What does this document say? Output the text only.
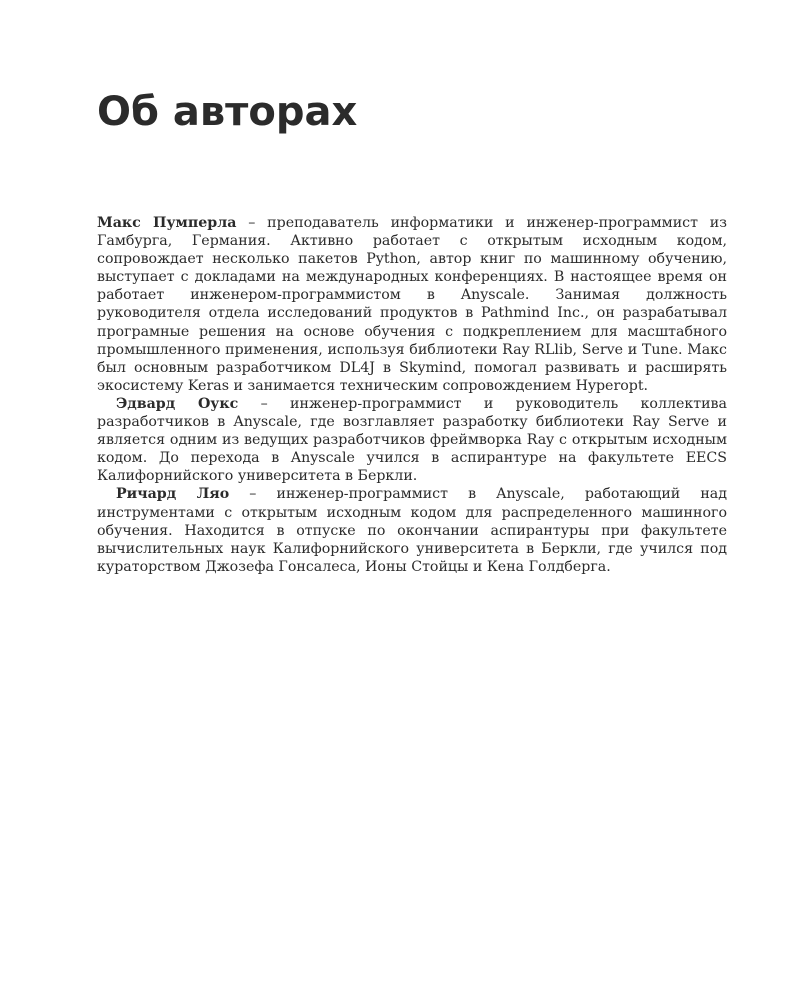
Об авторах

Макс Пумперла – преподаватель информатики и инженер-программист из Гамбурга, Германия. Активно работает с открытым исходным кодом, сопровождает несколько пакетов Python, автор книг по машинному обучению, выступает с докладами на международных конференциях. В настоящее время он работает инженером-программистом в Anyscale. Занимая должность руководителя отдела исследований продуктов в Pathmind Inc., он разрабатывал програмные решения на основе обучения с подкреплением для масштабного промышленного применения, используя библиотеки Ray RLlib, Serve и Tune. Макс был основным разработчиком DL4J в Skymind, помогал развивать и расширять экосистему Keras и занимается техническим сопровождением Hyperopt.

Эдвард Оукс – инженер-программист и руководитель коллектива разработчиков в Anyscale, где возглавляет разработку библиотеки Ray Serve и является одним из ведущих разработчиков фреймворка Ray с открытым исходным кодом. До перехода в Anyscale учился в аспирантуре на факультете EECS Калифорнийского университета в Беркли.

Ричард Ляо – инженер-программист в Anyscale, работающий над инструментами с открытым исходным кодом для распределенного машинного обучения. Находится в отпуске по окончании аспирантуры при факультете вычислительных наук Калифорнийского университета в Беркли, где учился под кураторством Джозефа Гонсалеса, Ионы Стойцы и Кена Голдберга.
